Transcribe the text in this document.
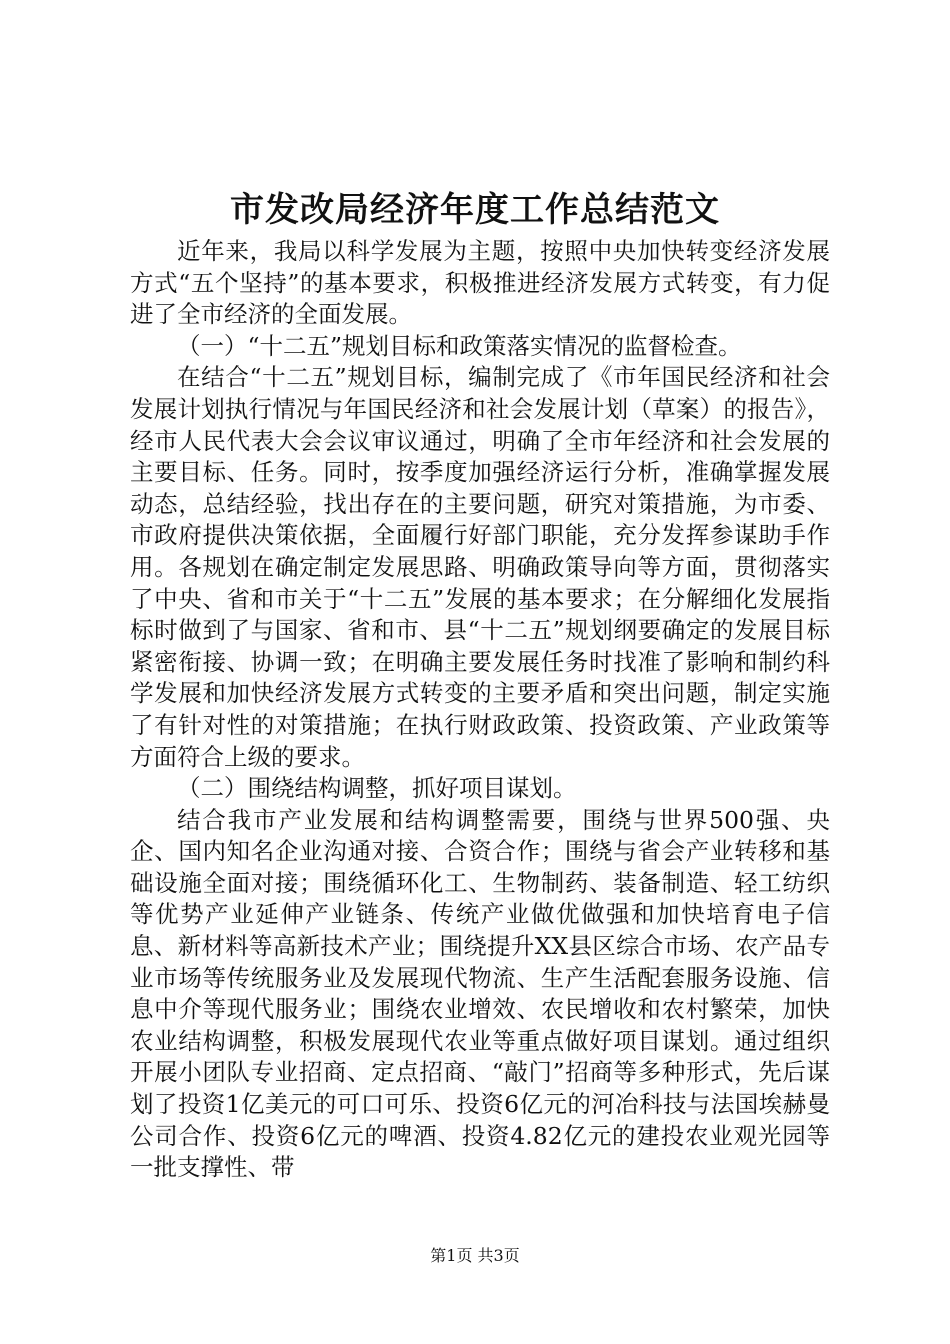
市发改局经济年度工作总结范文

近年来，我局以科学发展为主题，按照中央加快转变经济发展方式“五个坚持”的基本要求，积极推进经济发展方式转变，有力促进了全市经济的全面发展。

（一）“十二五”规划目标和政策落实情况的监督检查。

在结合“十二五”规划目标，编制完成了《市年国民经济和社会发展计划执行情况与年国民经济和社会发展计划（草案）的报告》，经市人民代表大会会议审议通过，明确了全市年经济和社会发展的主要目标、任务。同时，按季度加强经济运行分析，准确掌握发展动态，总结经验，找出存在的主要问题，研究对策措施，为市委、市政府提供决策依据，全面履行好部门职能，充分发挥参谋助手作用。各规划在确定制定发展思路、明确政策导向等方面，贯彻落实了中央、省和市关于“十二五”发展的基本要求；在分解细化发展指标时做到了与国家、省和市、县“十二五”规划纲要确定的发展目标紧密衔接、协调一致；在明确主要发展任务时找准了影响和制约科学发展和加快经济发展方式转变的主要矛盾和突出问题，制定实施了有针对性的对策措施；在执行财政政策、投资政策、产业政策等方面符合上级的要求。

（二）围绕结构调整，抓好项目谋划。

结合我市产业发展和结构调整需要，围绕与世界500强、央企、国内知名企业沟通对接、合资合作；围绕与省会产业转移和基础设施全面对接；围绕循环化工、生物制药、装备制造、轻工纺织等优势产业延伸产业链条、传统产业做优做强和加快培育电子信息、新材料等高新技术产业；围绕提升XX县区综合市场、农产品专业市场等传统服务业及发展现代物流、生产生活配套服务设施、信息中介等现代服务业；围绕农业增效、农民增收和农村繁荣，加快农业结构调整，积极发展现代农业等重点做好项目谋划。通过组织开展小团队专业招商、定点招商、“敲门”招商等多种形式，先后谋划了投资1亿美元的可口可乐、投资6亿元的河冶科技与法国埃赫曼公司合作、投资6亿元的啤酒、投资4.82亿元的建投农业观光园等一批支撑性、带

第1页 共3页
